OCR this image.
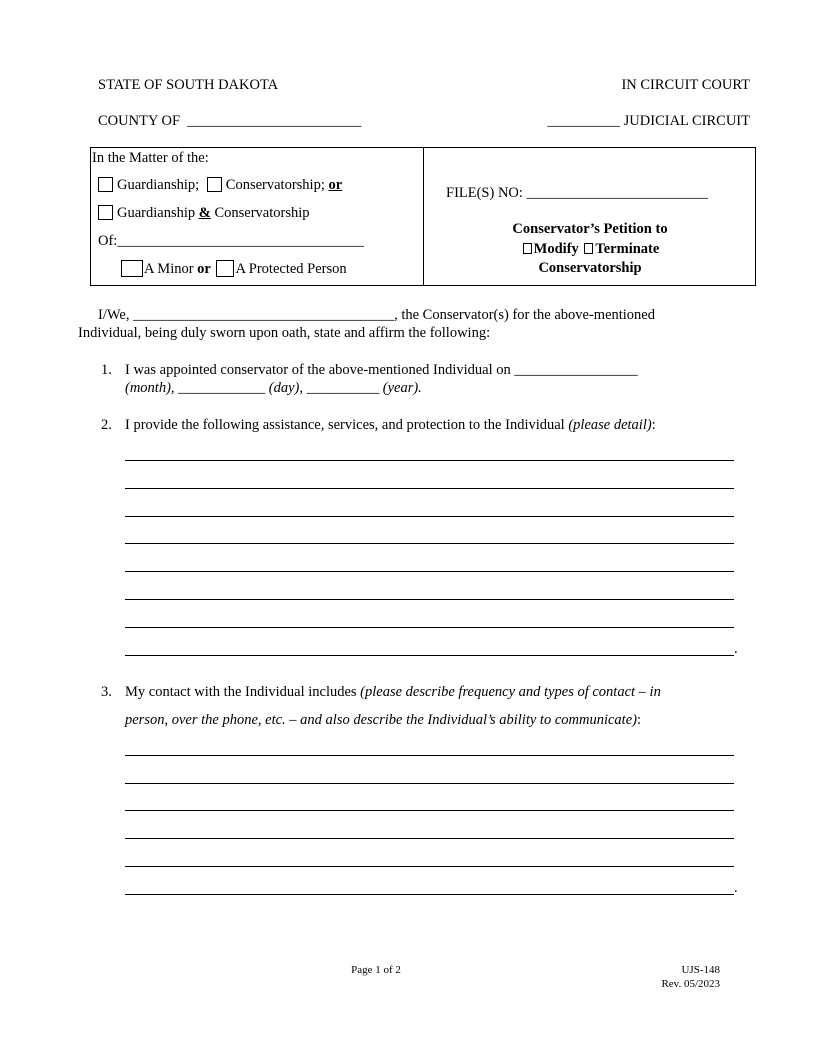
STATE OF SOUTH DAKOTA	IN CIRCUIT COURT
COUNTY OF ________________________	__________ JUDICIAL CIRCUIT
In the Matter of the:
Guardianship; Conservatorship; or
Guardianship & Conservatorship
Of:__________________________________
A Minor or A Protected Person
FILE(S) NO: _________________________
Conservator’s Petition to
Modify Terminate
Conservatorship
I/We, ____________________________________, the Conservator(s) for the above-mentioned
Individual, being duly sworn upon oath, state and affirm the following:
1. I was appointed conservator of the above-mentioned Individual on _________________
(month), ____________ (day), __________ (year).
2. I provide the following assistance, services, and protection to the Individual (please detail):
.
3. My contact with the Individual includes (please describe frequency and types of contact – in
person, over the phone, etc. – and also describe the Individual’s ability to communicate):
.
Page 1 of 2	UJS-148
Rev. 05/2023
